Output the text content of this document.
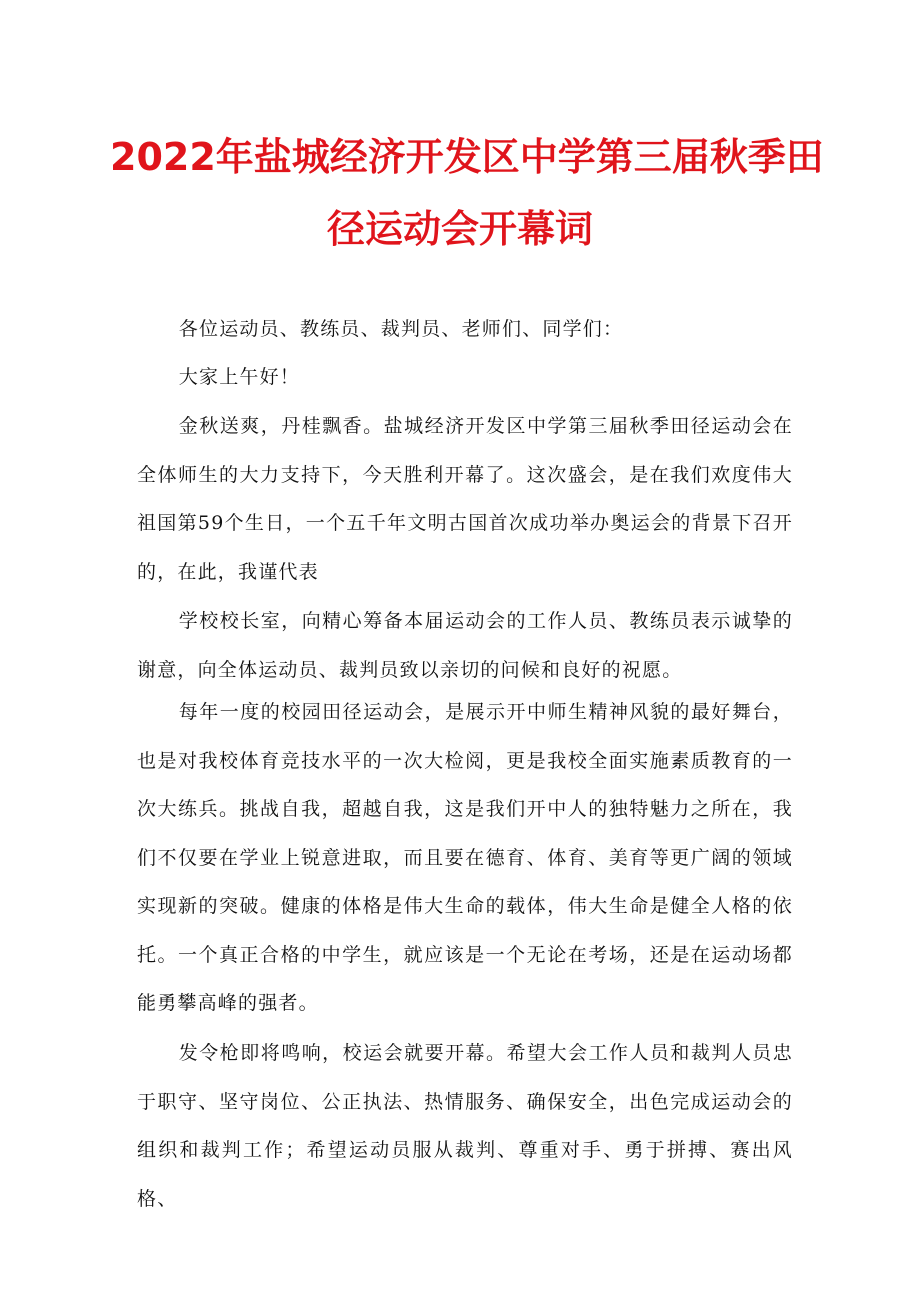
2022年盐城经济开发区中学第三届秋季田
径运动会开幕词

各位运动员、教练员、裁判员、老师们、同学们：

大家上午好！

金秋送爽，丹桂飘香。盐城经济开发区中学第三届秋季田径运动会在全体师生的大力支持下，今天胜利开幕了。这次盛会，是在我们欢度伟大祖国第59个生日，一个五千年文明古国首次成功举办奥运会的背景下召开的，在此，我谨代表

学校校长室，向精心筹备本届运动会的工作人员、教练员表示诚挚的谢意，向全体运动员、裁判员致以亲切的问候和良好的祝愿。

每年一度的校园田径运动会，是展示开中师生精神风貌的最好舞台，也是对我校体育竞技水平的一次大检阅，更是我校全面实施素质教育的一次大练兵。挑战自我，超越自我，这是我们开中人的独特魅力之所在，我们不仅要在学业上锐意进取，而且要在德育、体育、美育等更广阔的领域实现新的突破。健康的体格是伟大生命的载体，伟大生命是健全人格的依托。一个真正合格的中学生，就应该是一个无论在考场，还是在运动场都能勇攀高峰的强者。

发令枪即将鸣响，校运会就要开幕。希望大会工作人员和裁判人员忠于职守、坚守岗位、公正执法、热情服务、确保安全，出色完成运动会的组织和裁判工作；希望运动员服从裁判、尊重对手、勇于拼搏、赛出风格、
